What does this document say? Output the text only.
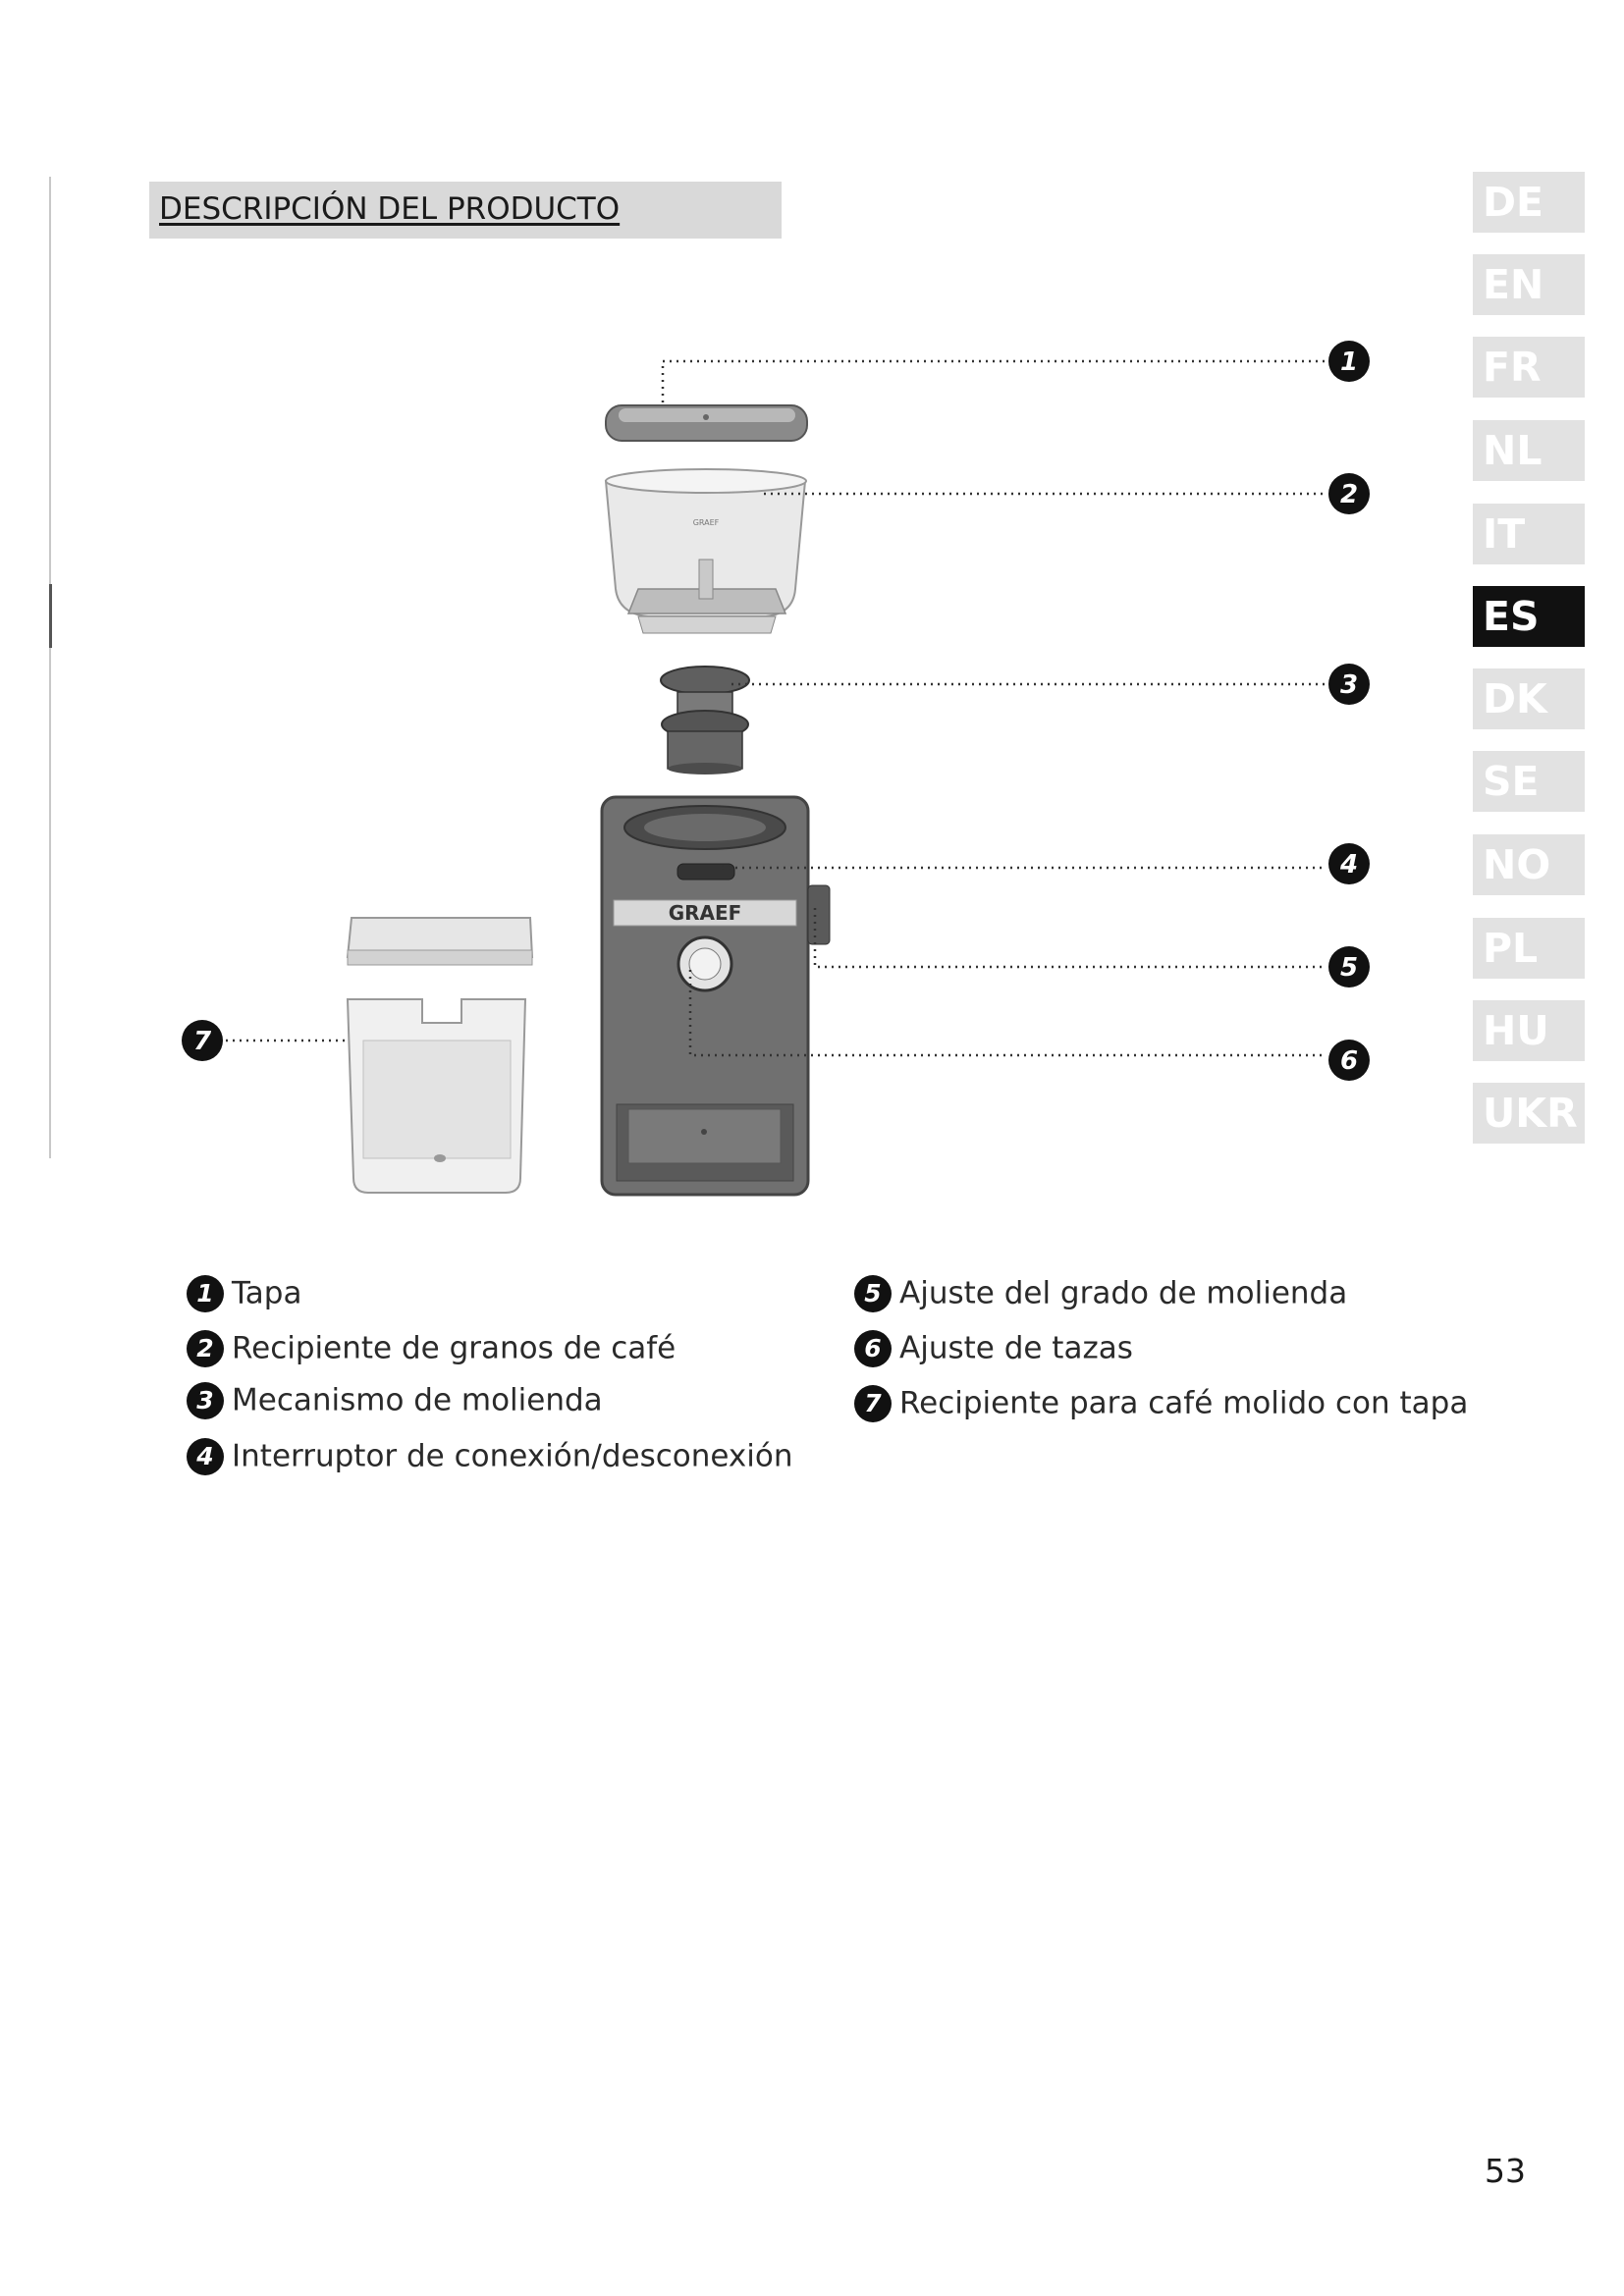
DESCRIPCIÓN DEL PRODUCTO	DE
EN
FR
NL
IT
ES
DK
SE
NO
PL
HU
UKR
GRAEF
GRAEF
1
2
3
4
5
6
7
1 Tapa
2 Recipiente de granos de café
3 Mecanismo de molienda
4 Interruptor de conexión/desconexión
5 Ajuste del grado de molienda
6 Ajuste de tazas
7 Recipiente para café molido con tapa
53
